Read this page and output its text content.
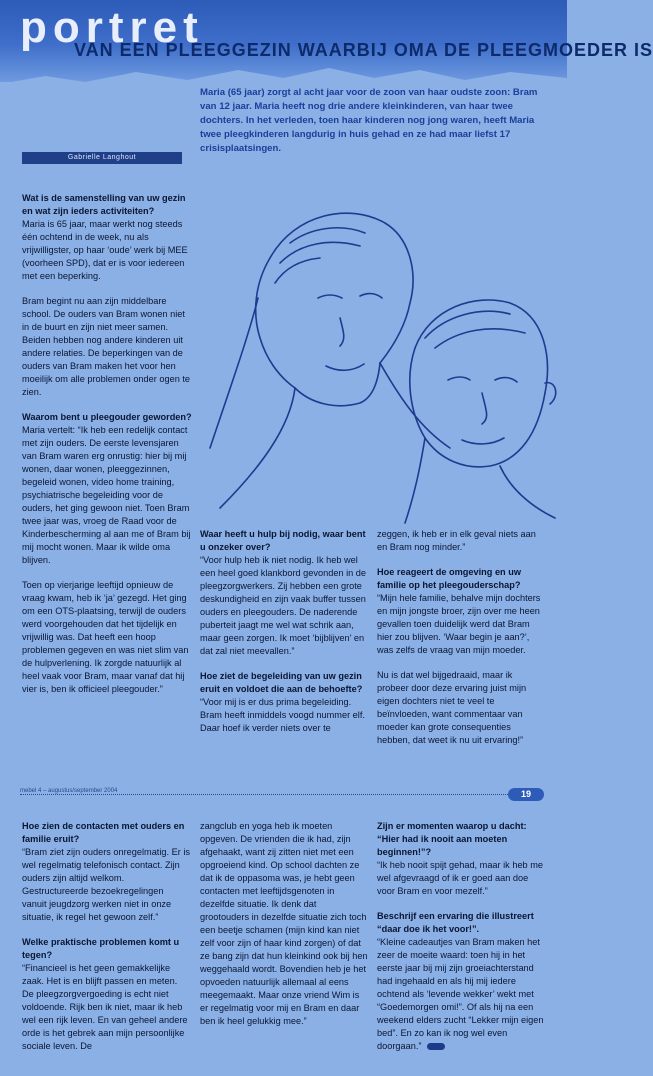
portret
VAN EEN PLEEGGEZIN WAARBIJ OMA DE PLEEGMOEDER IS

Maria (65 jaar) zorgt al acht jaar voor de zoon van haar oudste zoon: Bram van 12 jaar. Maria heeft nog drie andere kleinkinderen, van haar twee dochters. In het verleden, toen haar kinderen nog jong waren, heeft Maria twee pleegkinderen langdurig in huis gehad en ze had maar liefst 17 crisisplaatsingen.

Gabrielle Langhout
Wat is de samenstelling van uw gezin en wat zijn ieders activiteiten?

Maria is 65 jaar, maar werkt nog steeds één ochtend in de week, nu als vrijwilligster, op haar ‘oude’ werk bij MEE (voorheen SPD), dat er is voor iedereen met een beperking.

Bram begint nu aan zijn middelbare school. De ouders van Bram wonen niet in de buurt en zijn niet meer samen. Beiden hebben nog andere kinderen uit andere relaties. De beperkingen van de ouders van Bram maken het voor hen moeilijk om alle problemen onder ogen te zien.

Waarom bent u pleegouder geworden?

Maria vertelt: “Ik heb een redelijk contact met zijn ouders. De eerste levensjaren van Bram waren erg onrustig: hier bij mij wonen, daar wonen, pleeggezinnen, begeleid wonen, video home training, psychiatrische begeleiding voor de ouders, het ging gewoon niet. Toen Bram twee jaar was, vroeg de Raad voor de Kinderbescherming al aan me of Bram bij mij mocht wonen. Maar ik wilde oma blijven.

Toen op vierjarige leeftijd opnieuw de vraag kwam, heb ik ‘ja’ gezegd. Het ging om een OTS-plaatsing, terwijl de ouders werd voorgehouden dat het tijdelijk en vrijwillig was. Dat heeft een hoop problemen gegeven en was niet slim van de hulpverlening. Ik zorgde natuurlijk al heel vaak voor Bram, maar vanaf dat hij vier is, ben ik officieel pleegouder.”

Waar heeft u hulp bij nodig, waar bent u onzeker over?

“Voor hulp heb ik niet nodig. Ik heb wel een heel goed klankbord gevonden in de pleegzorgwerkers. Zij hebben een grote deskundigheid en zijn vaak buffer tussen ouders en pleegouders. De naderende puberteit jaagt me wel wat schrik aan, maar geen zorgen. Ik moet ‘bijblijven’ en dat zal niet meevallen.”

Hoe ziet de begeleiding van uw gezin eruit en voldoet die aan de behoefte?

“Voor mij is er dus prima begeleiding. Bram heeft inmiddels voogd nummer elf. Daar hoef ik verder niets over te

zeggen, ik heb er in elk geval niets aan en Bram nog minder.”

Hoe reageert de omgeving en uw familie op het pleegouderschap?

“Mijn hele familie, behalve mijn dochters en mijn jongste broer, zijn over me heen gevallen toen duidelijk werd dat Bram hier zou blijven. ‘Waar begin je aan?’, was zelfs de vraag van mijn moeder.

Nu is dat wel bijgedraaid, maar ik probeer door deze ervaring juist mijn eigen dochters niet te veel te beïnvloeden, want commentaar van moeder kan grote consequenties hebben, dat weet ik nu uit ervaring!”

mebel 4 – augustus/september 2004	19
Hoe zien de contacten met ouders en familie eruit?

“Bram ziet zijn ouders onregelmatig. Er is wel regelmatig telefonisch contact. Zijn ouders zijn altijd welkom. Gestructureerde bezoekregelingen vanuit jeugdzorg werken niet in onze situatie, ik regel het gewoon zelf.”

Welke praktische problemen komt u tegen?

“Financieel is het geen gemakkelijke zaak. Het is en blijft passen en meten. De pleegzorgvergoeding is echt niet voldoende. Rijk ben ik niet, maar ik heb wel een rijk leven. En van geheel andere orde is het gebrek aan mijn persoonlijke sociale leven. De

zangclub en yoga heb ik moeten opgeven. De vrienden die ik had, zijn afgehaakt, want zij zitten niet met een opgroeiend kind. Op school dachten ze dat ik de oppasoma was, je hebt geen contacten met leeftijdsgenoten in dezelfde situatie. Ik denk dat grootouders in dezelfde situatie zich toch een beetje schamen (mijn kind kan niet zelf voor zijn of haar kind zorgen) of dat ze bang zijn dat hun kleinkind ook bij hen weggehaald wordt. Bovendien heb je het opvoeden natuurlijk allemaal al eens meegemaakt. Maar onze vriend Wim is er regelmatig voor mij en Bram en daar ben ik heel gelukkig mee.”

Zijn er momenten waarop u dacht: “Hier had ik nooit aan moeten beginnen!”?

“Ik heb nooit spijt gehad, maar ik heb me wel afgevraagd of ik er goed aan doe voor Bram en voor mezelf.”

Beschrijf een ervaring die illustreert “daar doe ik het voor!”.

“Kleine cadeautjes van Bram maken het zeer de moeite waard: toen hij in het eerste jaar bij mij zijn groeiachterstand had ingehaald en als hij mij iedere ochtend als ‘levende wekker’ wekt met “Goedemorgen omi!”. Of als hij na een weekend elders zucht “Lekker mijn eigen bed”. En zo kan ik nog wel even doorgaan.”
